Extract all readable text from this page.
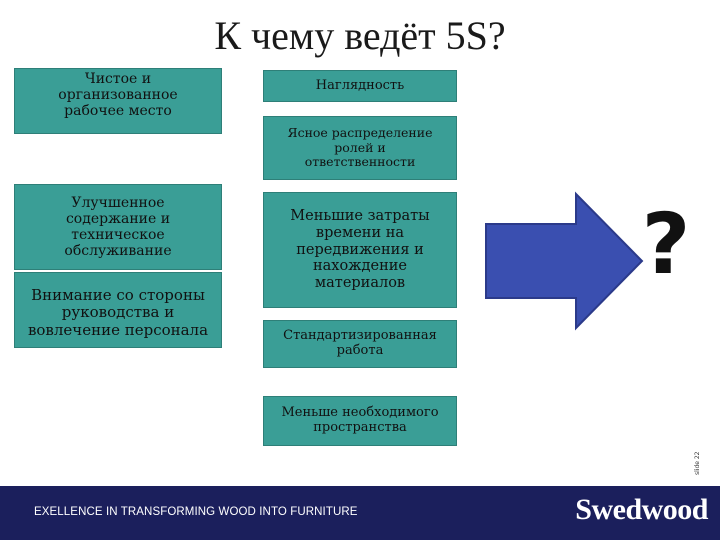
К чему ведёт 5S?
Чистое и
организованное
рабочее место
Улучшенное
содержание и
техническое
обслуживание
Внимание со стороны
руководства и
вовлечение персонала
Наглядность
Ясное распределение
ролей и
ответственности
Меньшие затраты
времени на
передвижения и
нахождение
материалов
Стандартизированная
работа
Меньше необходимого
пространства
?
slide 22
EXELLENCE IN TRANSFORMING WOOD INTO FURNITURE	Swedwood
